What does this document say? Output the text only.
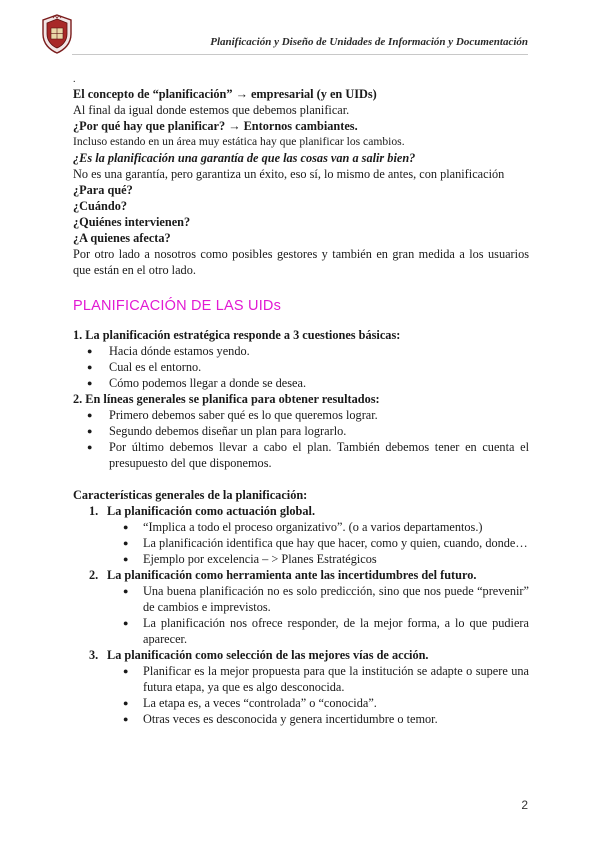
Planificación y Diseño de Unidades de Información y Documentación
.

El concepto de “planificación” → empresarial (y en UIDs)

Al final da igual donde estemos que debemos planificar.

¿Por qué hay que planificar? → Entornos cambiantes.

Incluso estando en un área muy estática hay que planificar los cambios.

¿Es la planificación una garantía de que las cosas van a salir bien?

No es una garantía, pero garantiza un éxito, eso sí, lo mismo de antes, con planificación

¿Para qué?

¿Cuándo?

¿Quiénes intervienen?

¿A quienes afecta?

Por otro lado a nosotros como posibles gestores y también en gran medida a los usuarios que están en el otro lado.

PLANIFICACIÓN DE LAS UIDs

1. La planificación estratégica responde a 3 cuestiones básicas:

● Hacia dónde estamos yendo.
● Cual es el entorno.
● Cómo podemos llegar a donde se desea.

2. En líneas generales se planifica para obtener resultados:

● Primero debemos saber qué es lo que queremos lograr.
● Segundo debemos diseñar un plan para lograrlo.
● Por último debemos llevar a cabo el plan. También debemos tener en cuenta el presupuesto del que disponemos.

Características generales de la planificación:

1. La planificación como actuación global.
● “Implica a todo el proceso organizativo”. (o a varios departamentos.)
● La planificación identifica que hay que hacer, como y quien, cuando, donde…
● Ejemplo por excelencia – > Planes Estratégicos
2. La planificación como herramienta ante las incertidumbres del futuro.
● Una buena planificación no es solo predicción, sino que nos puede “prevenir” de cambios e imprevistos.
● La planificación nos ofrece responder, de la mejor forma, a lo que pudiera aparecer.
3. La planificación como selección de las mejores vías de acción.
● Planificar es la mejor propuesta para que la institución se adapte o supere una futura etapa, ya que es algo desconocida.
● La etapa es, a veces “controlada” o “conocida”.
● Otras veces es desconocida y genera incertidumbre o temor.
2
